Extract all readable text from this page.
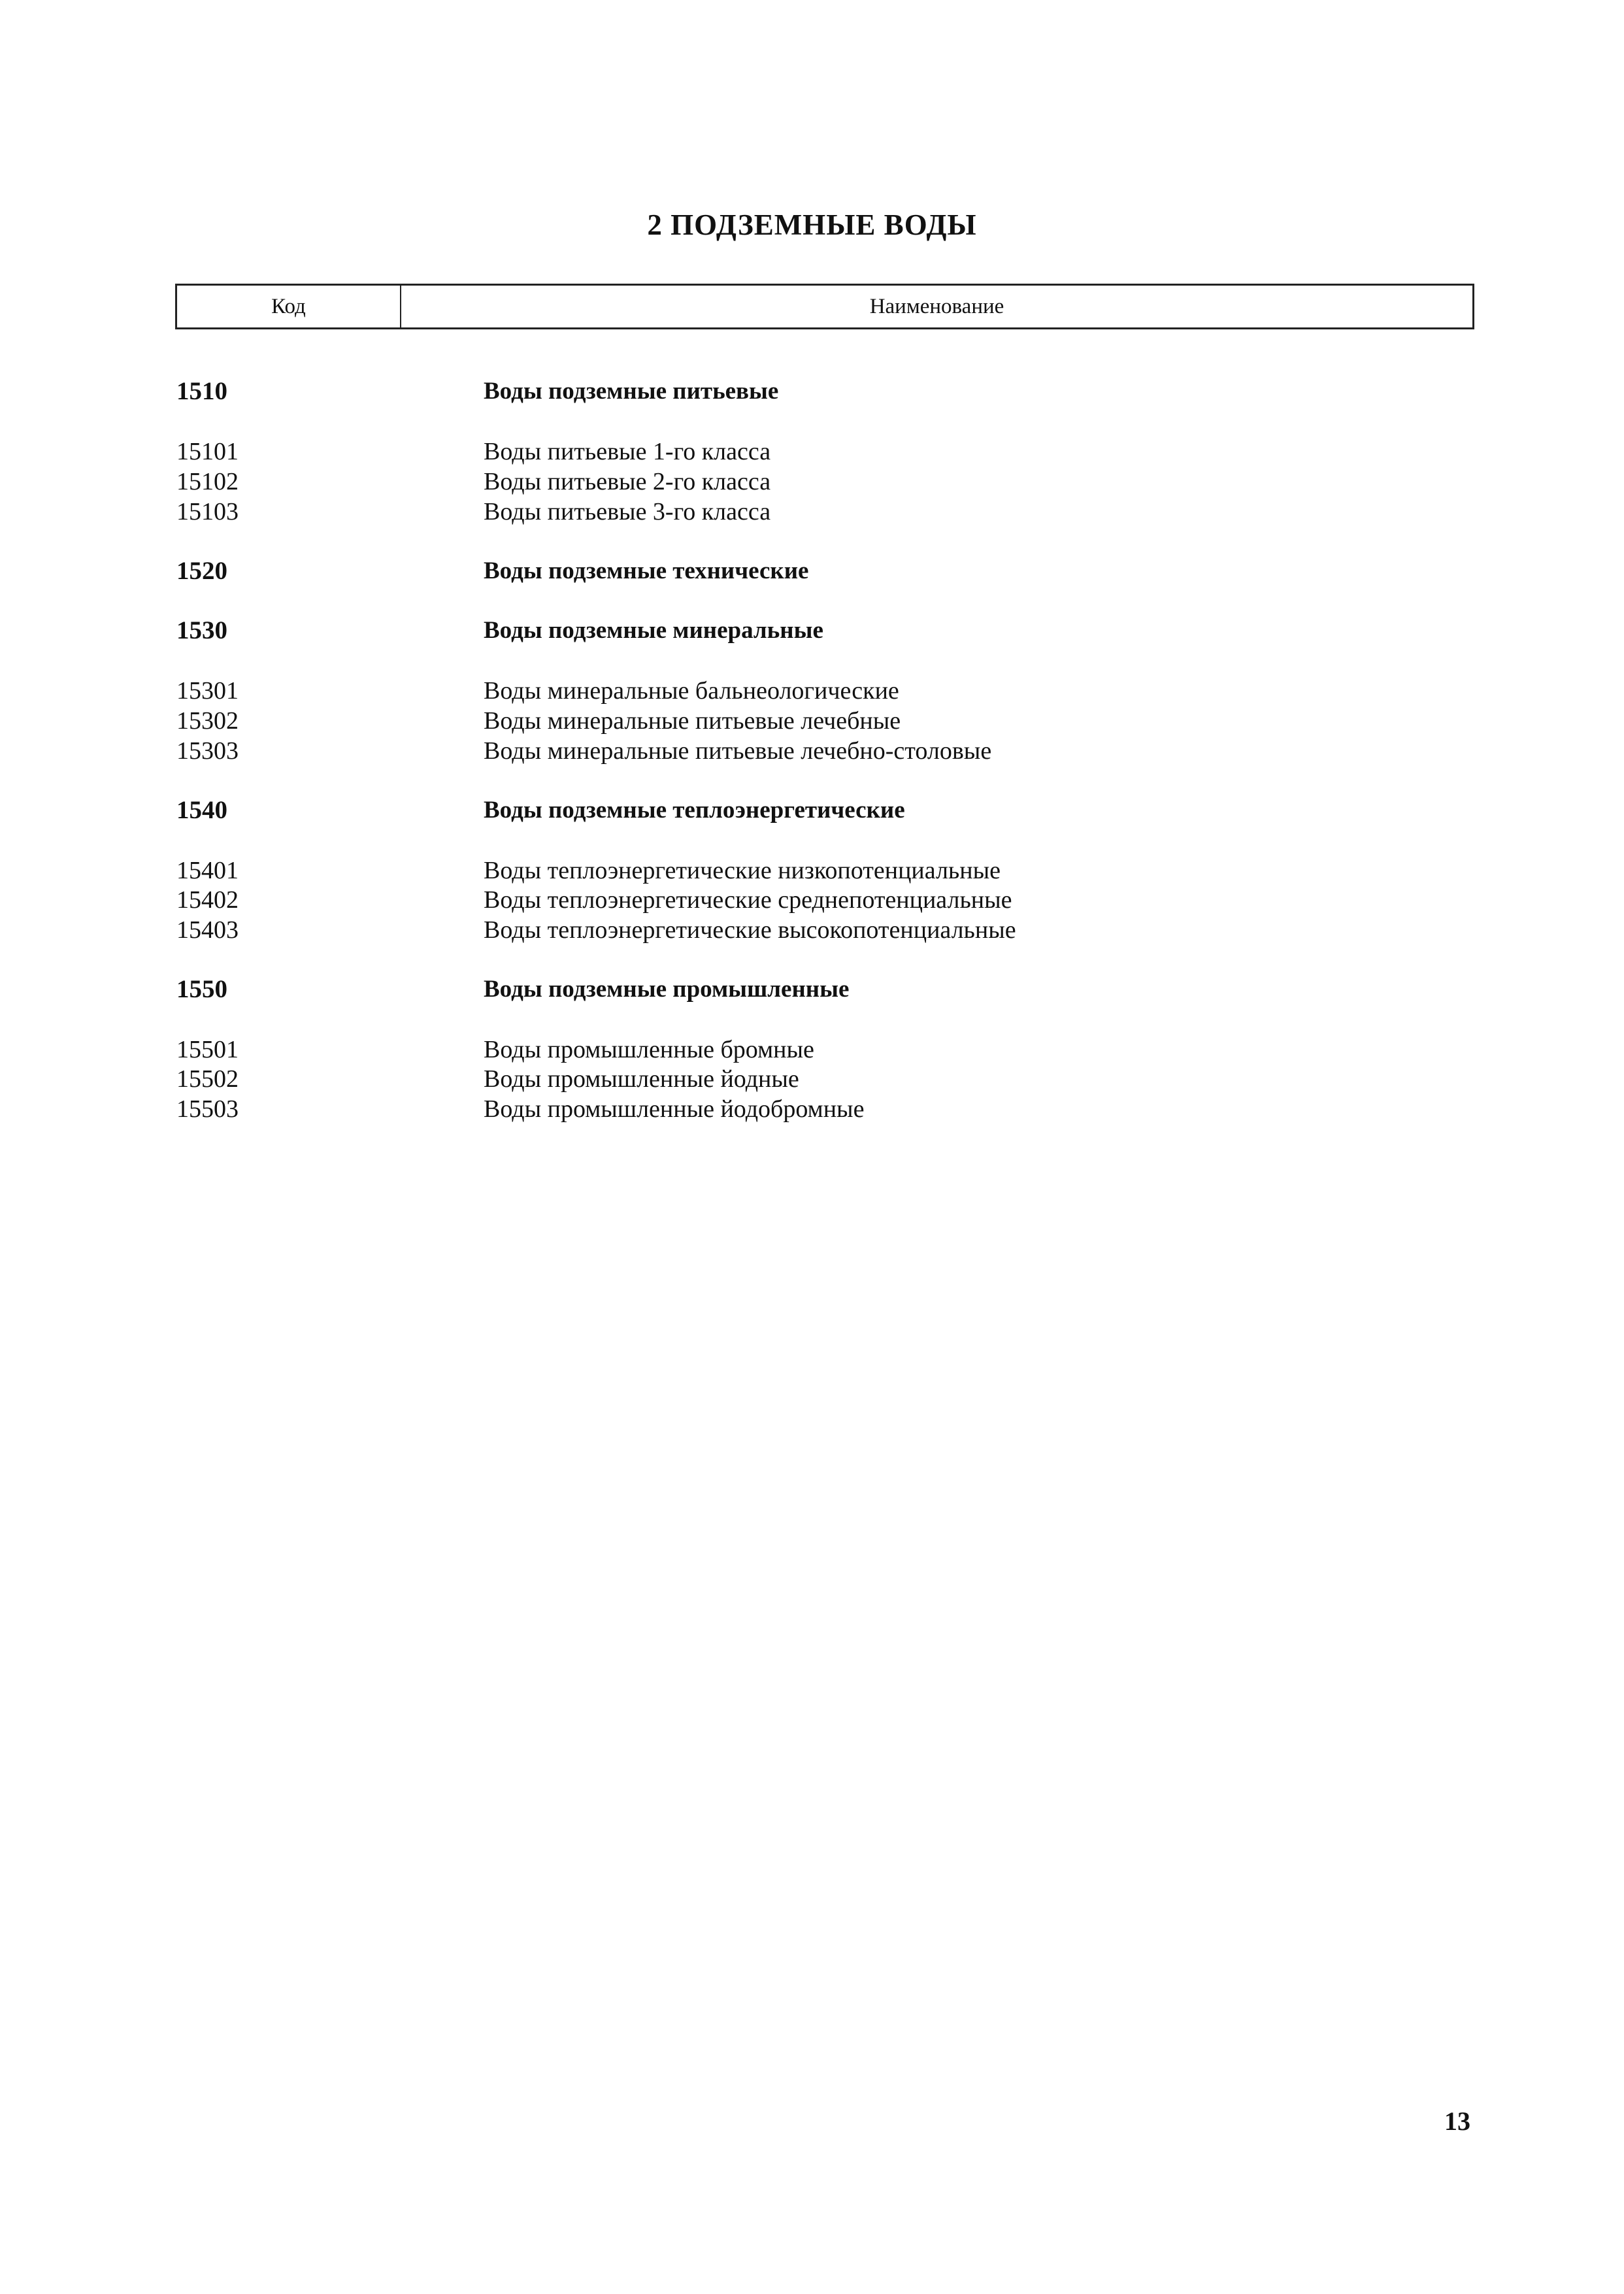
2 ПОДЗЕМНЫЕ ВОДЫ
Код	Наименование
1510	Воды подземные питьевые
15101	Воды питьевые 1-го класса
15102	Воды питьевые 2-го класса
15103	Воды питьевые 3-го класса
1520	Воды подземные технические
1530	Воды подземные минеральные
15301	Воды минеральные бальнеологические
15302	Воды минеральные питьевые лечебные
15303	Воды минеральные питьевые лечебно-столовые
1540	Воды подземные теплоэнергетические
15401	Воды теплоэнергетические низкопотенциальные
15402	Воды теплоэнергетические среднепотенциальные
15403	Воды теплоэнергетические высокопотенциальные
1550	Воды подземные промышленные
15501	Воды промышленные бромные
15502	Воды промышленные йодные
15503	Воды промышленные йодобромные
13
